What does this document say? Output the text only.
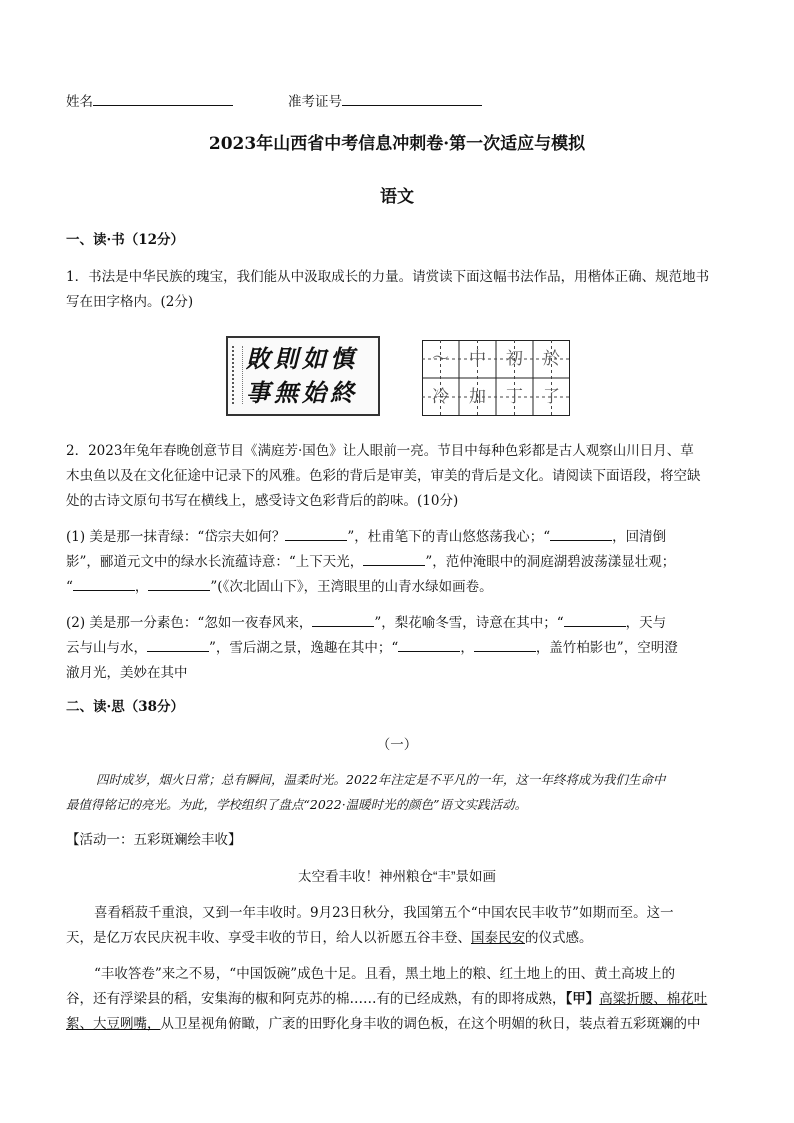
姓名	准考证号
2023年山西省中考信息冲刺卷·第一次适应与模拟
语文
一、读·书（12分）
1．书法是中华民族的瑰宝，我们能从中汲取成长的力量。请赏读下面这幅书法作品，用楷体正确、规范地书
写在田字格内。(2分)
敗則如慎
事無始終
～	中	初	於
冷	加	丁	了
2．2023年兔年春晚创意节目《满庭芳·国色》让人眼前一亮。节目中每种色彩都是古人观察山川日月、草
木虫鱼以及在文化征途中记录下的风雅。色彩的背后是审美，审美的背后是文化。请阅读下面语段，将空缺
处的古诗文原句书写在横线上，感受诗文色彩背后的韵味。(10分)
(1) 美是那一抹青绿：“岱宗夫如何？	”，杜甫笔下的青山悠悠荡我心；“	，回清倒
影”，郦道元文中的绿水长流蕴诗意：“上下天光，	”，范仲淹眼中的洞庭湖碧波荡漾显壮观；
“	，	”(《次北固山下》，王湾眼里的山青水绿如画卷。
(2) 美是那一分素色：“忽如一夜春风来，	”，梨花喻冬雪，诗意在其中；“	，天与
云与山与水，	”，雪后湖之景，逸趣在其中；“	，	，盖竹柏影也”，空明澄
澈月光，美妙在其中
二、读·思（38分）
（一）
四时成岁，烟火日常；总有瞬间，温柔时光。2022年注定是不平凡的一年，这一年终将成为我们生命中
最值得铭记的亮光。为此，学校组织了盘点“2022·温暖时光的颜色”语文实践活动。
【活动一：五彩斑斓绘丰收】
太空看丰收！神州粮仓“丰”景如画
喜看稻菽千重浪，又到一年丰收时。9月23日秋分，我国第五个“中国农民丰收节”如期而至。这一
天，是亿万农民庆祝丰收、享受丰收的节日，给人以祈愿五谷丰登、国泰民安的仪式感。
“丰收答卷”来之不易，“中国饭碗”成色十足。且看，黑土地上的粮、红土地上的田、黄土高坡上的
谷，还有浮梁县的稻，安集海的椒和阿克苏的棉……有的已经成熟，有的即将成熟，【甲】高粱折腰、棉花吐
絮、大豆咧嘴，从卫星视角俯瞰，广袤的田野化身丰收的调色板，在这个明媚的秋日，装点着五彩斑斓的中
